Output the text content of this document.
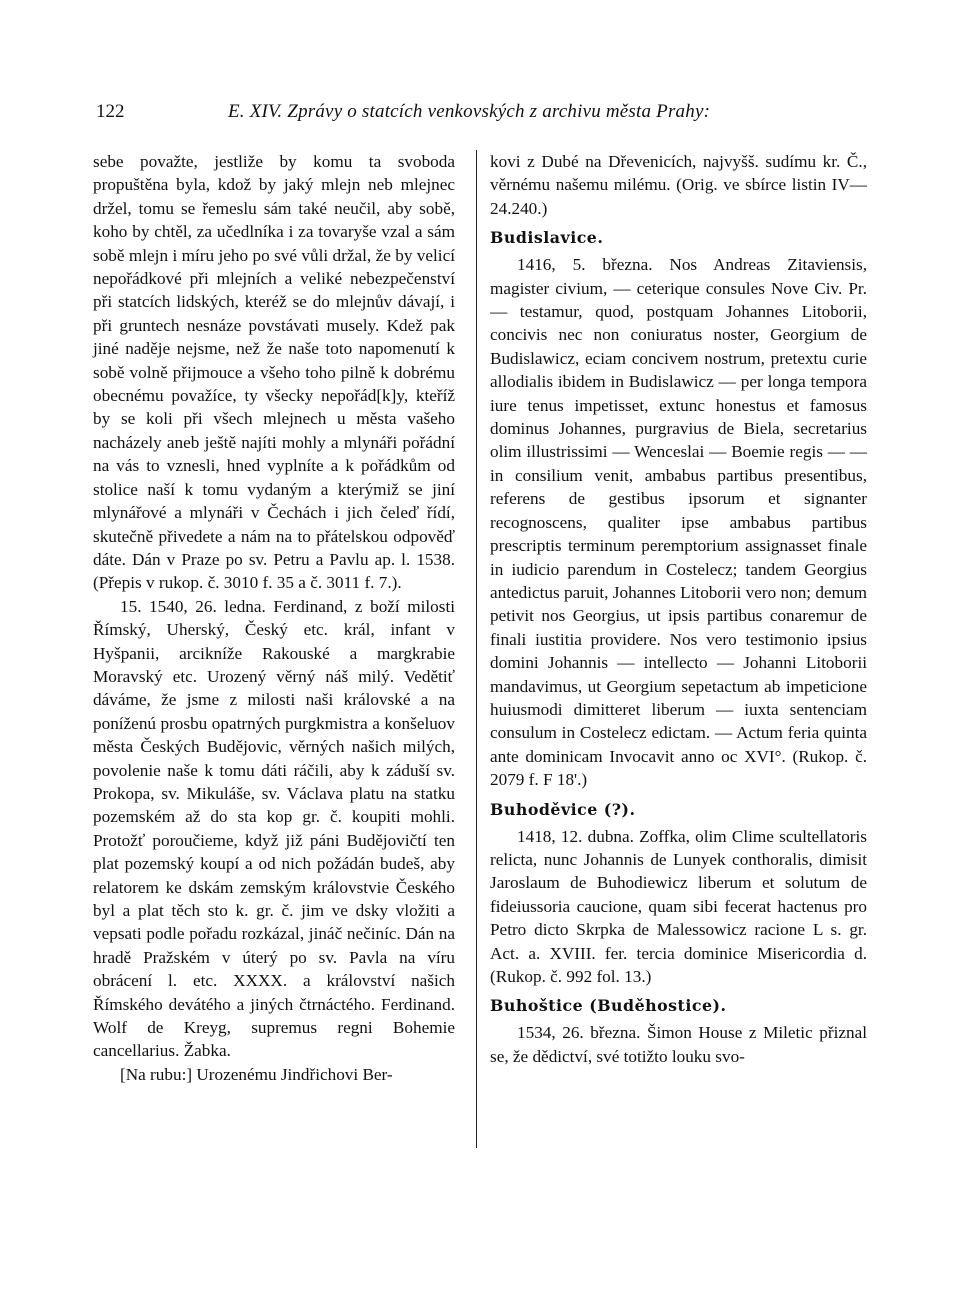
122	E. XIV. Zprávy o statcích venkovských z archivu města Prahy:

sebe považte, jestliže by komu ta svoboda propuštěna byla, kdož by jaký mlejn neb mlejnec držel, tomu se řemeslu sám také neučil, aby sobě, koho by chtěl, za učedlníka i za tovaryše vzal a sám sobě mlejn i míru jeho po své vůli držal, že by velicí nepořádkové při mlejních a veliké nebezpečenství při statcích lidských, kteréž se do mlejnův dávají, i při gruntech nesnáze povstávati musely. Kdež pak jiné naděje nejsme, než že naše toto napomenutí k sobě volně přijmouce a všeho toho pilně k dobrému obecnému považíce, ty všecky nepořád[k]y, kteříž by se koli při všech mlejnech u města vašeho nacházely aneb ještě najíti mohly a mlynáři pořádní na vás to vznesli, hned vyplníte a k pořádkům od stolice naší k tomu vydaným a kterýmiž se jiní mlynářové a mlynáři v Čechách i jich čeleď řídí, skutečně přivedete a nám na to přátelskou odpověď dáte. Dán v Praze po sv. Petru a Pavlu ap. l. 1538. (Přepis v rukop. č. 3010 f. 35 a č. 3011 f. 7.).

15. 1540, 26. ledna. Ferdinand, z boží milosti Římský, Uherský, Český etc. král, infant v Hyšpanii, arcikníže Rakouské a margkrabie Moravský etc. Urozený věrný náš milý. Vedětiť dáváme, že jsme z milosti naši královské a na poníženú prosbu opatrných purgkmistra a konšeluov města Českých Budějovic, věrných našich milých, povolenie naše k tomu dáti ráčili, aby k záduší sv. Prokopa, sv. Mikuláše, sv. Václava platu na statku pozemském až do sta kop gr. č. koupiti mohli. Protožť poroučieme, když již páni Budějovičtí ten plat pozemský koupí a od nich požádán budeš, aby relatorem ke dskám zemským královstvie Českého byl a plat těch sto k. gr. č. jim ve dsky vložiti a vepsati podle pořadu rozkázal, jináč nečiníc. Dán na hradě Pražském v úterý po sv. Pavla na víru obrácení l. etc. XXXX. a království našich Římského devátého a jiných čtrnáctého. Ferdinand. Wolf de Kreyg, supremus regni Bohemie cancellarius. Žabka.

[Na rubu:] Urozenému Jindřichovi Ber-

kovi z Dubé na Dřevenicích, najvyšš. sudímu kr. Č., věrnému našemu milému. (Orig. ve sbírce listin IV—24.240.)

Budislavice.

1416, 5. března. Nos Andreas Zitaviensis, magister civium, — ceterique consules Nove Civ. Pr. — testamur, quod, postquam Johannes Litoborii, concivis nec non coniuratus noster, Georgium de Budislawicz, eciam concivem nostrum, pretextu curie allodialis ibidem in Budislawicz — per longa tempora iure tenus impetisset, extunc honestus et famosus dominus Johannes, purgravius de Biela, secretarius olim illustrissimi — Wenceslai — Boemie regis — — in consilium venit, ambabus partibus presentibus, referens de gestibus ipsorum et signanter recognoscens, qualiter ipse ambabus partibus prescriptis terminum peremptorium assignasset finale in iudicio parendum in Costelecz; tandem Georgius antedictus paruit, Johannes Litoborii vero non; demum petivit nos Georgius, ut ipsis partibus conaremur de finali iustitia providere. Nos vero testimonio ipsius domini Johannis — intellecto — Johanni Litoborii mandavimus, ut Georgium sepetactum ab impeticione huiusmodi dimitteret liberum — iuxta sentenciam consulum in Costelecz edictam. — Actum feria quinta ante dominicam Invocavit anno oc XVI°. (Rukop. č. 2079 f. F 18'.)

Buhoděvice (?).

1418, 12. dubna. Zoffka, olim Clime scultellatoris relicta, nunc Johannis de Lunyek conthoralis, dimisit Jaroslaum de Buhodiewicz liberum et solutum de fideiussoria caucione, quam sibi fecerat hactenus pro Petro dicto Skrpka de Malessowicz racione L s. gr. Act. a. XVIII. fer. tercia dominice Misericordia d. (Rukop. č. 992 fol. 13.)

Buhoštice (Buděhostice).

1534, 26. března. Šimon House z Miletic přiznal se, že dědictví, své totižto louku svo-
